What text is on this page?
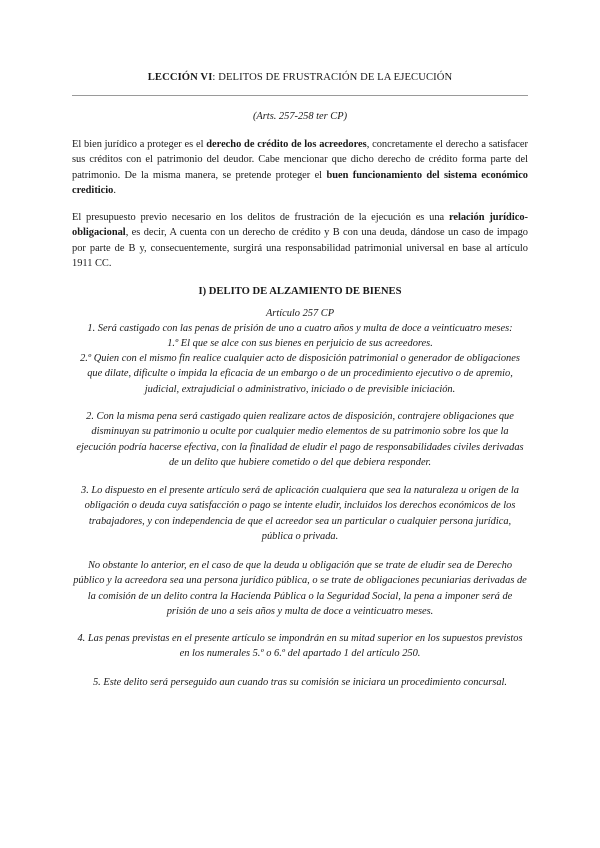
LECCIÓN VI: DELITOS DE FRUSTRACIÓN DE LA EJECUCIÓN
(Arts. 257-258 ter CP)

El bien jurídico a proteger es el derecho de crédito de los acreedores, concretamente el derecho a satisfacer sus créditos con el patrimonio del deudor. Cabe mencionar que dicho derecho de crédito forma parte del patrimonio. De la misma manera, se pretende proteger el buen funcionamiento del sistema económico crediticio.

El presupuesto previo necesario en los delitos de frustración de la ejecución es una relación jurídico-obligacional, es decir, A cuenta con un derecho de crédito y B con una deuda, dándose un caso de impago por parte de B y, consecuentemente, surgirá una responsabilidad patrimonial universal en base al artículo 1911 CC.

I) DELITO DE ALZAMIENTO DE BIENES
Artículo 257 CP
1. Será castigado con las penas de prisión de uno a cuatro años y multa de doce a veinticuatro meses:
1.º El que se alce con sus bienes en perjuicio de sus acreedores.
2.º Quien con el mismo fin realice cualquier acto de disposición patrimonial o generador de obligaciones que dilate, dificulte o impida la eficacia de un embargo o de un procedimiento ejecutivo o de apremio, judicial, extrajudicial o administrativo, iniciado o de previsible iniciación.
2. Con la misma pena será castigado quien realizare actos de disposición, contrajere obligaciones que disminuyan su patrimonio u oculte por cualquier medio elementos de su patrimonio sobre los que la ejecución podría hacerse efectiva, con la finalidad de eludir el pago de responsabilidades civiles derivadas de un delito que hubiere cometido o del que debiera responder.
3. Lo dispuesto en el presente artículo será de aplicación cualquiera que sea la naturaleza u origen de la obligación o deuda cuya satisfacción o pago se intente eludir, incluidos los derechos económicos de los trabajadores, y con independencia de que el acreedor sea un particular o cualquier persona jurídica, pública o privada.
No obstante lo anterior, en el caso de que la deuda u obligación que se trate de eludir sea de Derecho público y la acreedora sea una persona jurídico pública, o se trate de obligaciones pecuniarias derivadas de la comisión de un delito contra la Hacienda Pública o la Seguridad Social, la pena a imponer será de prisión de uno a seis años y multa de doce a veinticuatro meses.
4. Las penas previstas en el presente artículo se impondrán en su mitad superior en los supuestos previstos en los numerales 5.º o 6.º del apartado 1 del artículo 250.
5. Este delito será perseguido aun cuando tras su comisión se iniciara un procedimiento concursal.
